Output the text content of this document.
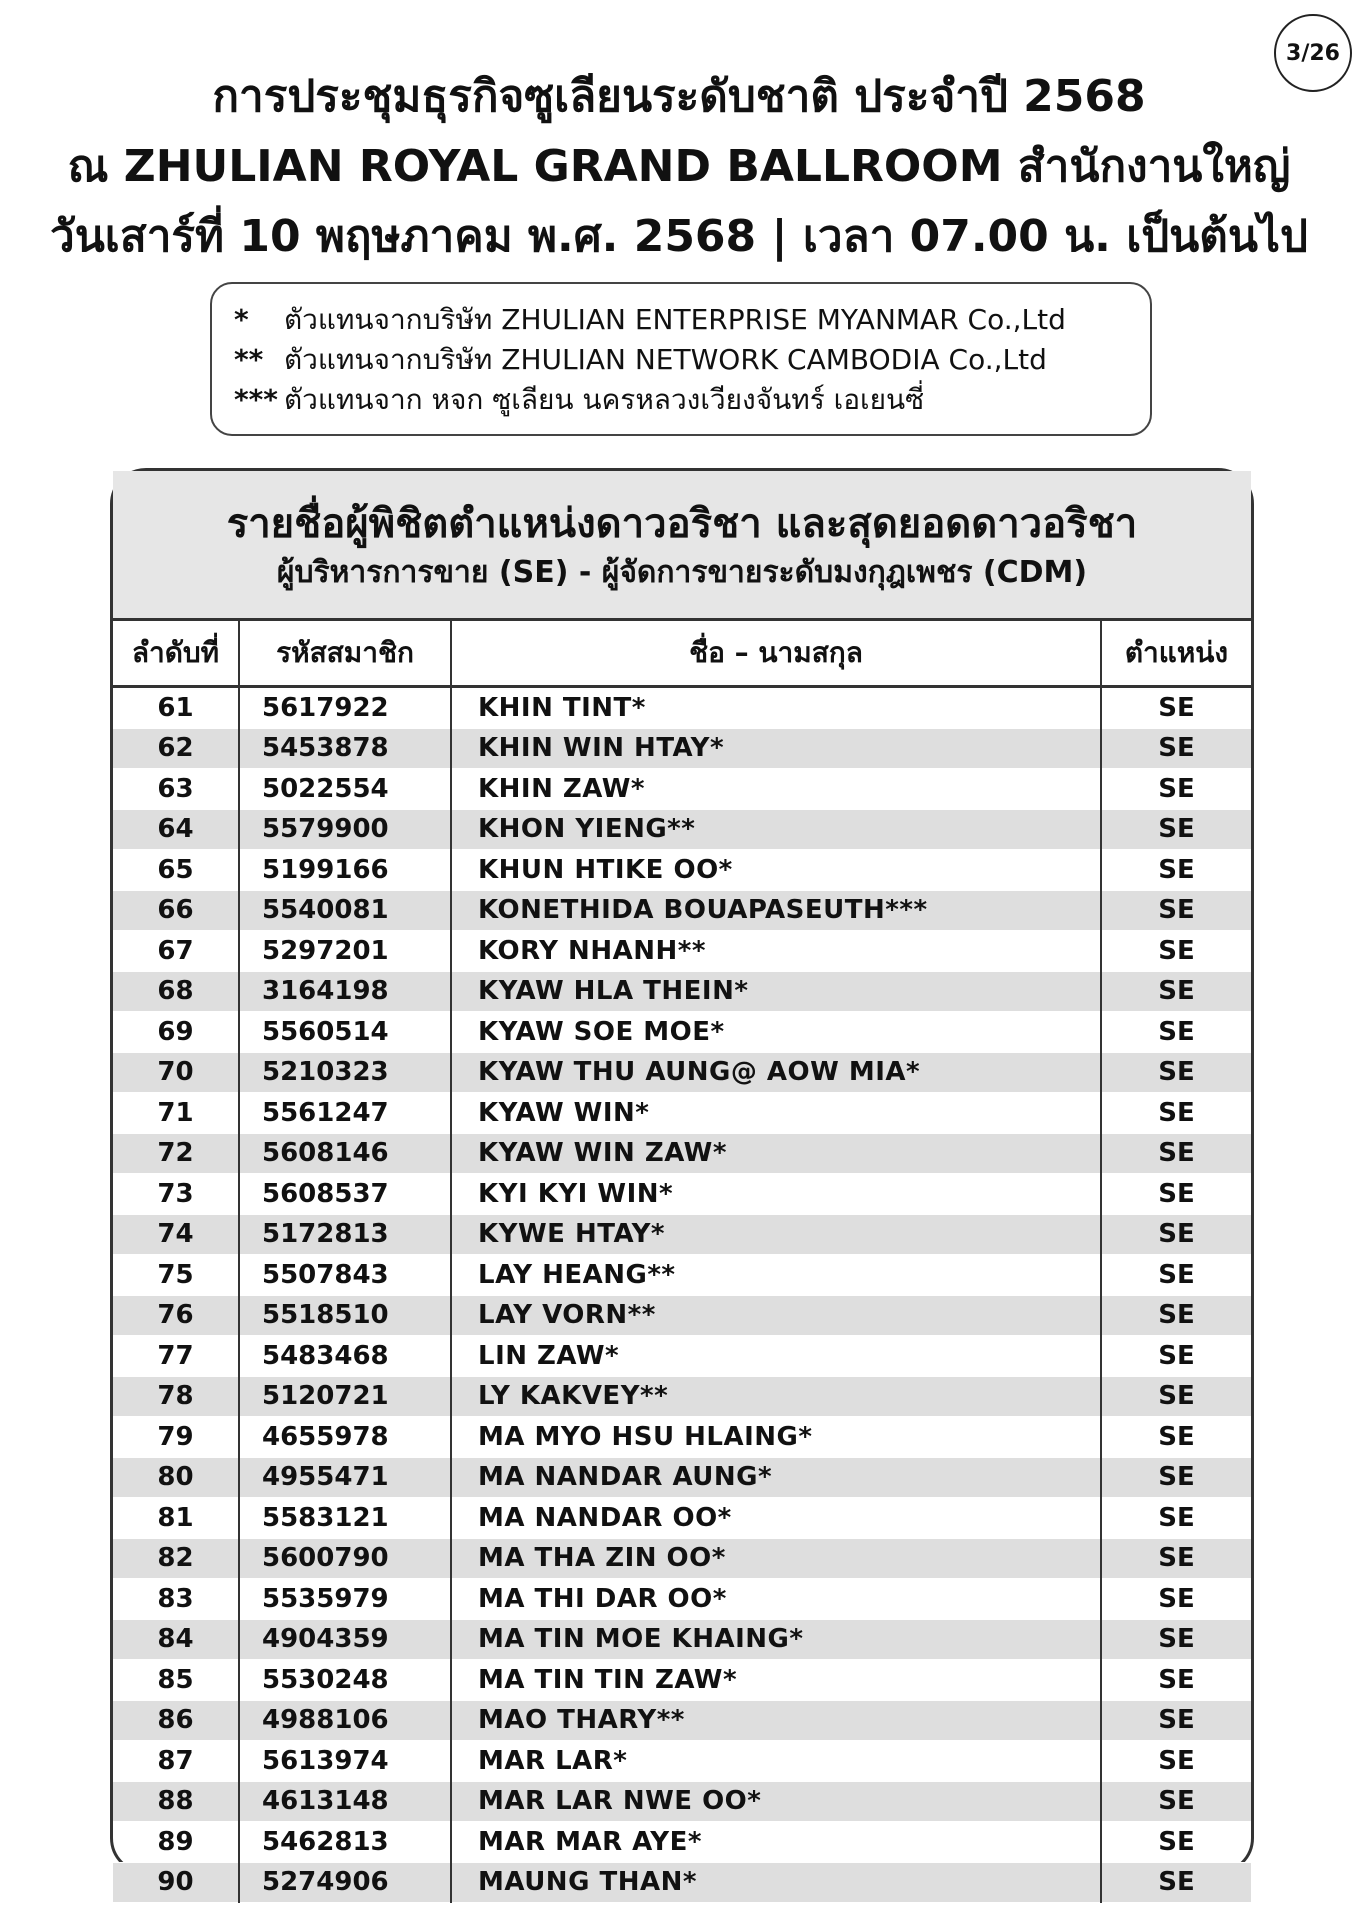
3/26
การประชุมธุรกิจซูเลียนระดับชาติ ประจำปี 2568
ณ ZHULIAN ROYAL GRAND BALLROOM สำนักงานใหญ่
วันเสาร์ที่ 10 พฤษภาคม พ.ศ. 2568 | เวลา 07.00 น. เป็นต้นไป
*	ตัวแทนจากบริษัท ZHULIAN ENTERPRISE MYANMAR Co.,Ltd
** ตัวแทนจากบริษัท ZHULIAN NETWORK CAMBODIA Co.,Ltd
*** ตัวแทนจาก หจก ซูเลียน นครหลวงเวียงจันทร์ เอเยนซี่
รายชื่อผู้พิชิตตำแหน่งดาวอริชา และสุดยอดดาวอริชา
ผู้บริหารการขาย (SE) - ผู้จัดการขายระดับมงกุฎเพชร (CDM)
ลำดับที่	รหัสสมาชิก	ชื่อ – นามสกุล	ตำแหน่ง
61	5617922	KHIN TINT*	SE
62	5453878	KHIN WIN HTAY*	SE
63	5022554	KHIN ZAW*	SE
64	5579900	KHON YIENG**	SE
65	5199166	KHUN HTIKE OO*	SE
66	5540081	KONETHIDA BOUAPASEUTH***	SE
67	5297201	KORY NHANH**	SE
68	3164198	KYAW HLA THEIN*	SE
69	5560514	KYAW SOE MOE*	SE
70	5210323	KYAW THU AUNG@ AOW MIA*	SE
71	5561247	KYAW WIN*	SE
72	5608146	KYAW WIN ZAW*	SE
73	5608537	KYI KYI WIN*	SE
74	5172813	KYWE HTAY*	SE
75	5507843	LAY HEANG**	SE
76	5518510	LAY VORN**	SE
77	5483468	LIN ZAW*	SE
78	5120721	LY KAKVEY**	SE
79	4655978	MA MYO HSU HLAING*	SE
80	4955471	MA NANDAR AUNG*	SE
81	5583121	MA NANDAR OO*	SE
82	5600790	MA THA ZIN OO*	SE
83	5535979	MA THI DAR OO*	SE
84	4904359	MA TIN MOE KHAING*	SE
85	5530248	MA TIN TIN ZAW*	SE
86	4988106	MAO THARY**	SE
87	5613974	MAR LAR*	SE
88	4613148	MAR LAR NWE OO*	SE
89	5462813	MAR MAR AYE*	SE
90	5274906	MAUNG THAN*	SE
